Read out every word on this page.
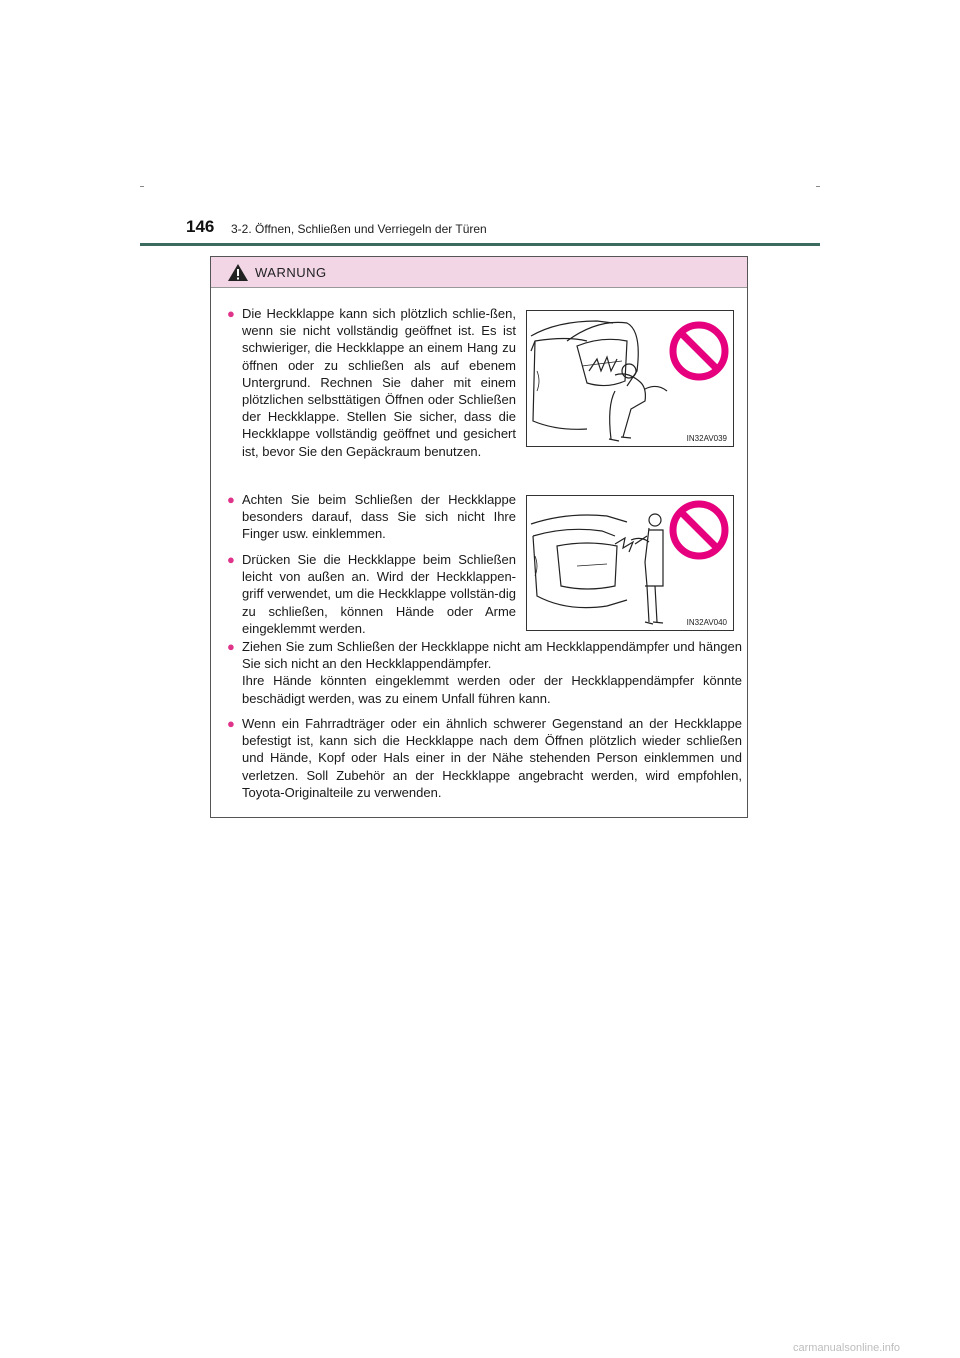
146 3-2. Öffnen, Schließen und Verriegeln der Türen
WARNUNG
● Die Heckklappe kann sich plötzlich schlie-ßen, wenn sie nicht vollständig geöffnet ist. Es ist schwieriger, die Heckklappe an einem Hang zu öffnen oder zu schließen als auf ebenem Untergrund. Rechnen Sie daher mit einem plötzlichen selbsttätigen Öffnen oder Schließen der Heckklappe. Stellen Sie sicher, dass die Heckklappe vollständig geöffnet und gesichert ist, bevor Sie den Gepäckraum benutzen.
IN32AV039
● Achten Sie beim Schließen der Heckklappe besonders darauf, dass Sie sich nicht Ihre Finger usw. einklemmen.
● Drücken Sie die Heckklappe beim Schließen leicht von außen an. Wird der Heckklappen-griff verwendet, um die Heckklappe vollstän-dig zu schließen, können Hände oder Arme eingeklemmt werden.	IN32AV040
● Ziehen Sie zum Schließen der Heckklappe nicht am Heckklappendämpfer und hängen Sie sich nicht an den Heckklappendämpfer.
Ihre Hände könnten eingeklemmt werden oder der Heckklappendämpfer könnte beschädigt werden, was zu einem Unfall führen kann.
● Wenn ein Fahrradträger oder ein ähnlich schwerer Gegenstand an der Heckklappe befestigt ist, kann sich die Heckklappe nach dem Öffnen plötzlich wieder schließen und Hände, Kopf oder Hals einer in der Nähe stehenden Person einklemmen und verletzen. Soll Zubehör an der Heckklappe angebracht werden, wird empfohlen, Toyota-Originalteile zu verwenden.
carmanualsonline.info
